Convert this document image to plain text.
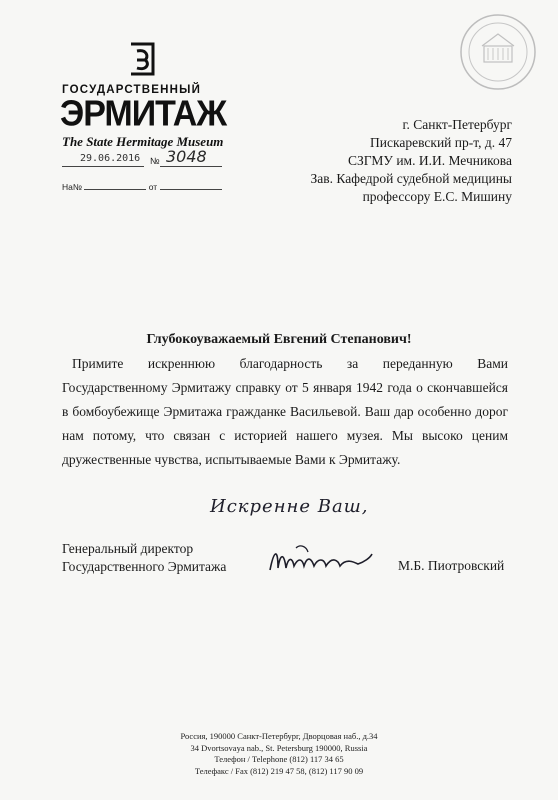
ГОСУДАРСТВЕННЫЙ
ЭРМИТАЖ
The State Hermitage Museum
29.06.2016 № 3048
На№	от
г. Санкт-Петербург
Пискаревский пр-т, д. 47
СЗГМУ им. И.И. Мечникова
Зав. Кафедрой судебной медицины
профессору Е.С. Мишину
Глубокоуважаемый Евгений Степанович!

Примите искреннюю благодарность за переданную Вами Государственному Эрмитажу справку от 5 января 1942 года о скончавшейся в бомбоубежище Эрмитажа гражданке Васильевой. Ваш дар особенно дорог нам потому, что связан с историей нашего музея. Мы высоко ценим дружественные чувства, испытываемые Вами к Эрмитажу.

Искренне Ваш,
Генеральный директор
Государственного Эрмитажа	М.Б. Пиотровский
Россия, 190000 Санкт-Петербург, Дворцовая наб., д.34
34 Dvortsovaya nab., St. Petersburg 190000, Russia
Телефон / Telephone (812) 117 34 65
Телефакс / Fax (812) 219 47 58, (812) 117 90 09
